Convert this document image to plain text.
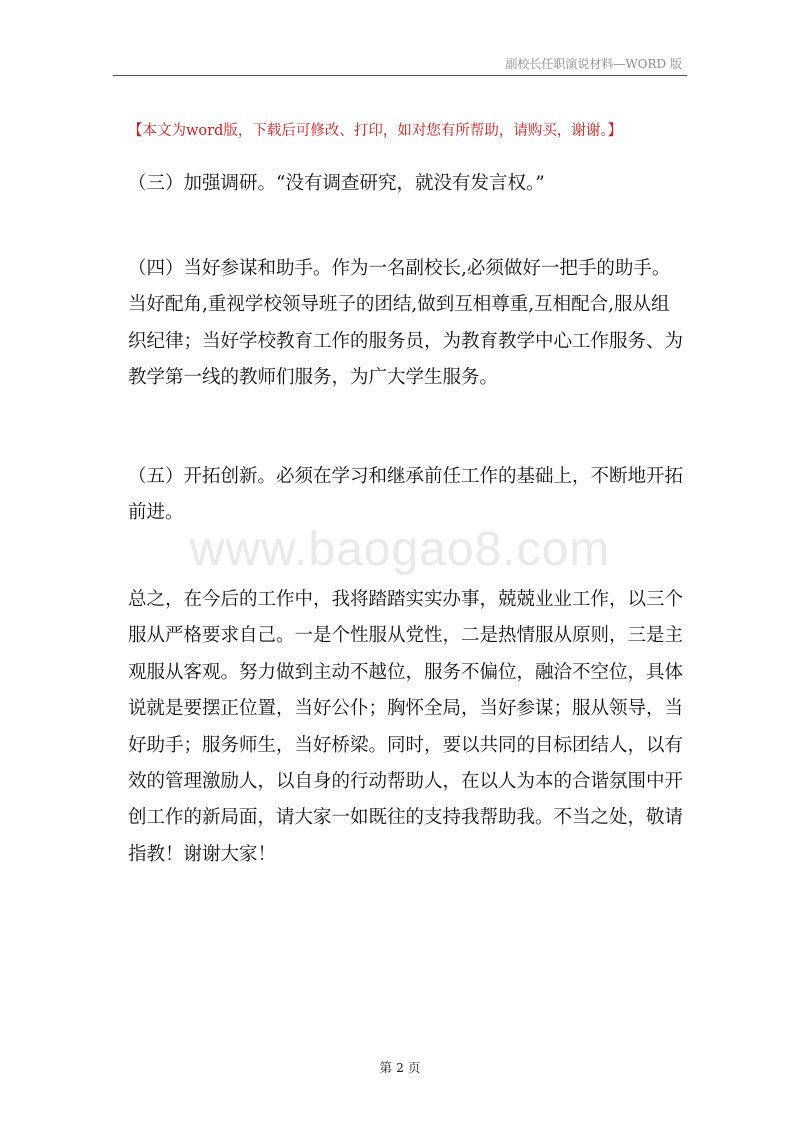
副校长任职演说材料—WORD 版
【本文为word版，下载后可修改、打印，如对您有所帮助，请购买，谢谢。】

（三）加强调研。“没有调查研究，就没有发言权。”

（四）当好参谋和助手。作为一名副校长,必须做好一把手的助手。当好配角,重视学校领导班子的团结,做到互相尊重,互相配合,服从组织纪律；当好学校教育工作的服务员，为教育教学中心工作服务、为教学第一线的教师们服务，为广大学生服务。

（五）开拓创新。必须在学习和继承前任工作的基础上，不断地开拓前进。

www.baogao8.com

总之，在今后的工作中，我将踏踏实实办事，兢兢业业工作，以三个服从严格要求自己。一是个性服从党性，二是热情服从原则，三是主观服从客观。努力做到主动不越位，服务不偏位，融洽不空位，具体说就是要摆正位置，当好公仆；胸怀全局，当好参谋；服从领导，当好助手；服务师生，当好桥梁。同时，要以共同的目标团结人，以有效的管理激励人，以自身的行动帮助人，在以人为本的合谐氛围中开创工作的新局面，请大家一如既往的支持我帮助我。不当之处，敬请指教！谢谢大家！

第 2 页
